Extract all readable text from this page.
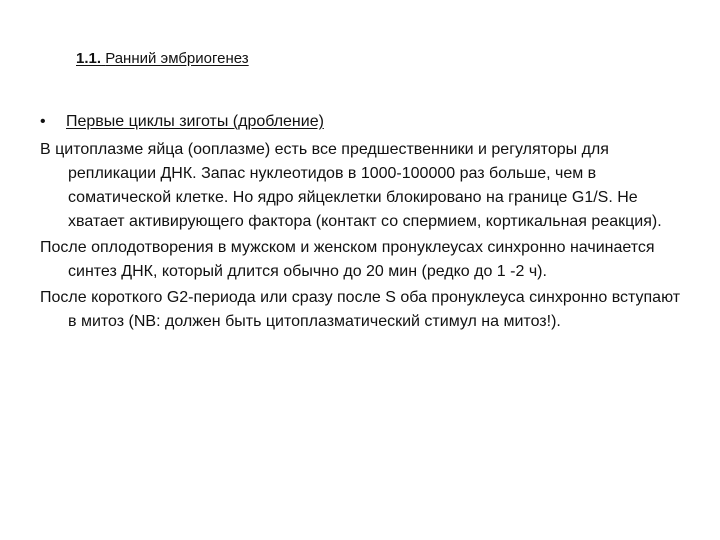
1.1. Ранний эмбриогенез
• Первые циклы зиготы (дробление)

В цитоплазме яйца (ооплазме) есть все предшественники и регуляторы для репликации ДНК. Запас нуклеотидов в 1000-100000 раз больше, чем в соматической клетке. Но ядро яйцеклетки блокировано на границе G1/S. Не хватает активирующего фактора (контакт со спермием, кортикальная реакция).

После оплодотворения в мужском и женском пронуклеусах синхронно начинается синтез ДНК, который длится обычно до 20 мин (редко до 1 -2 ч).

После короткого G2-периода или сразу после S оба пронуклеуса синхронно вступают в митоз (NB: должен быть цитоплазматический стимул на митоз!).
